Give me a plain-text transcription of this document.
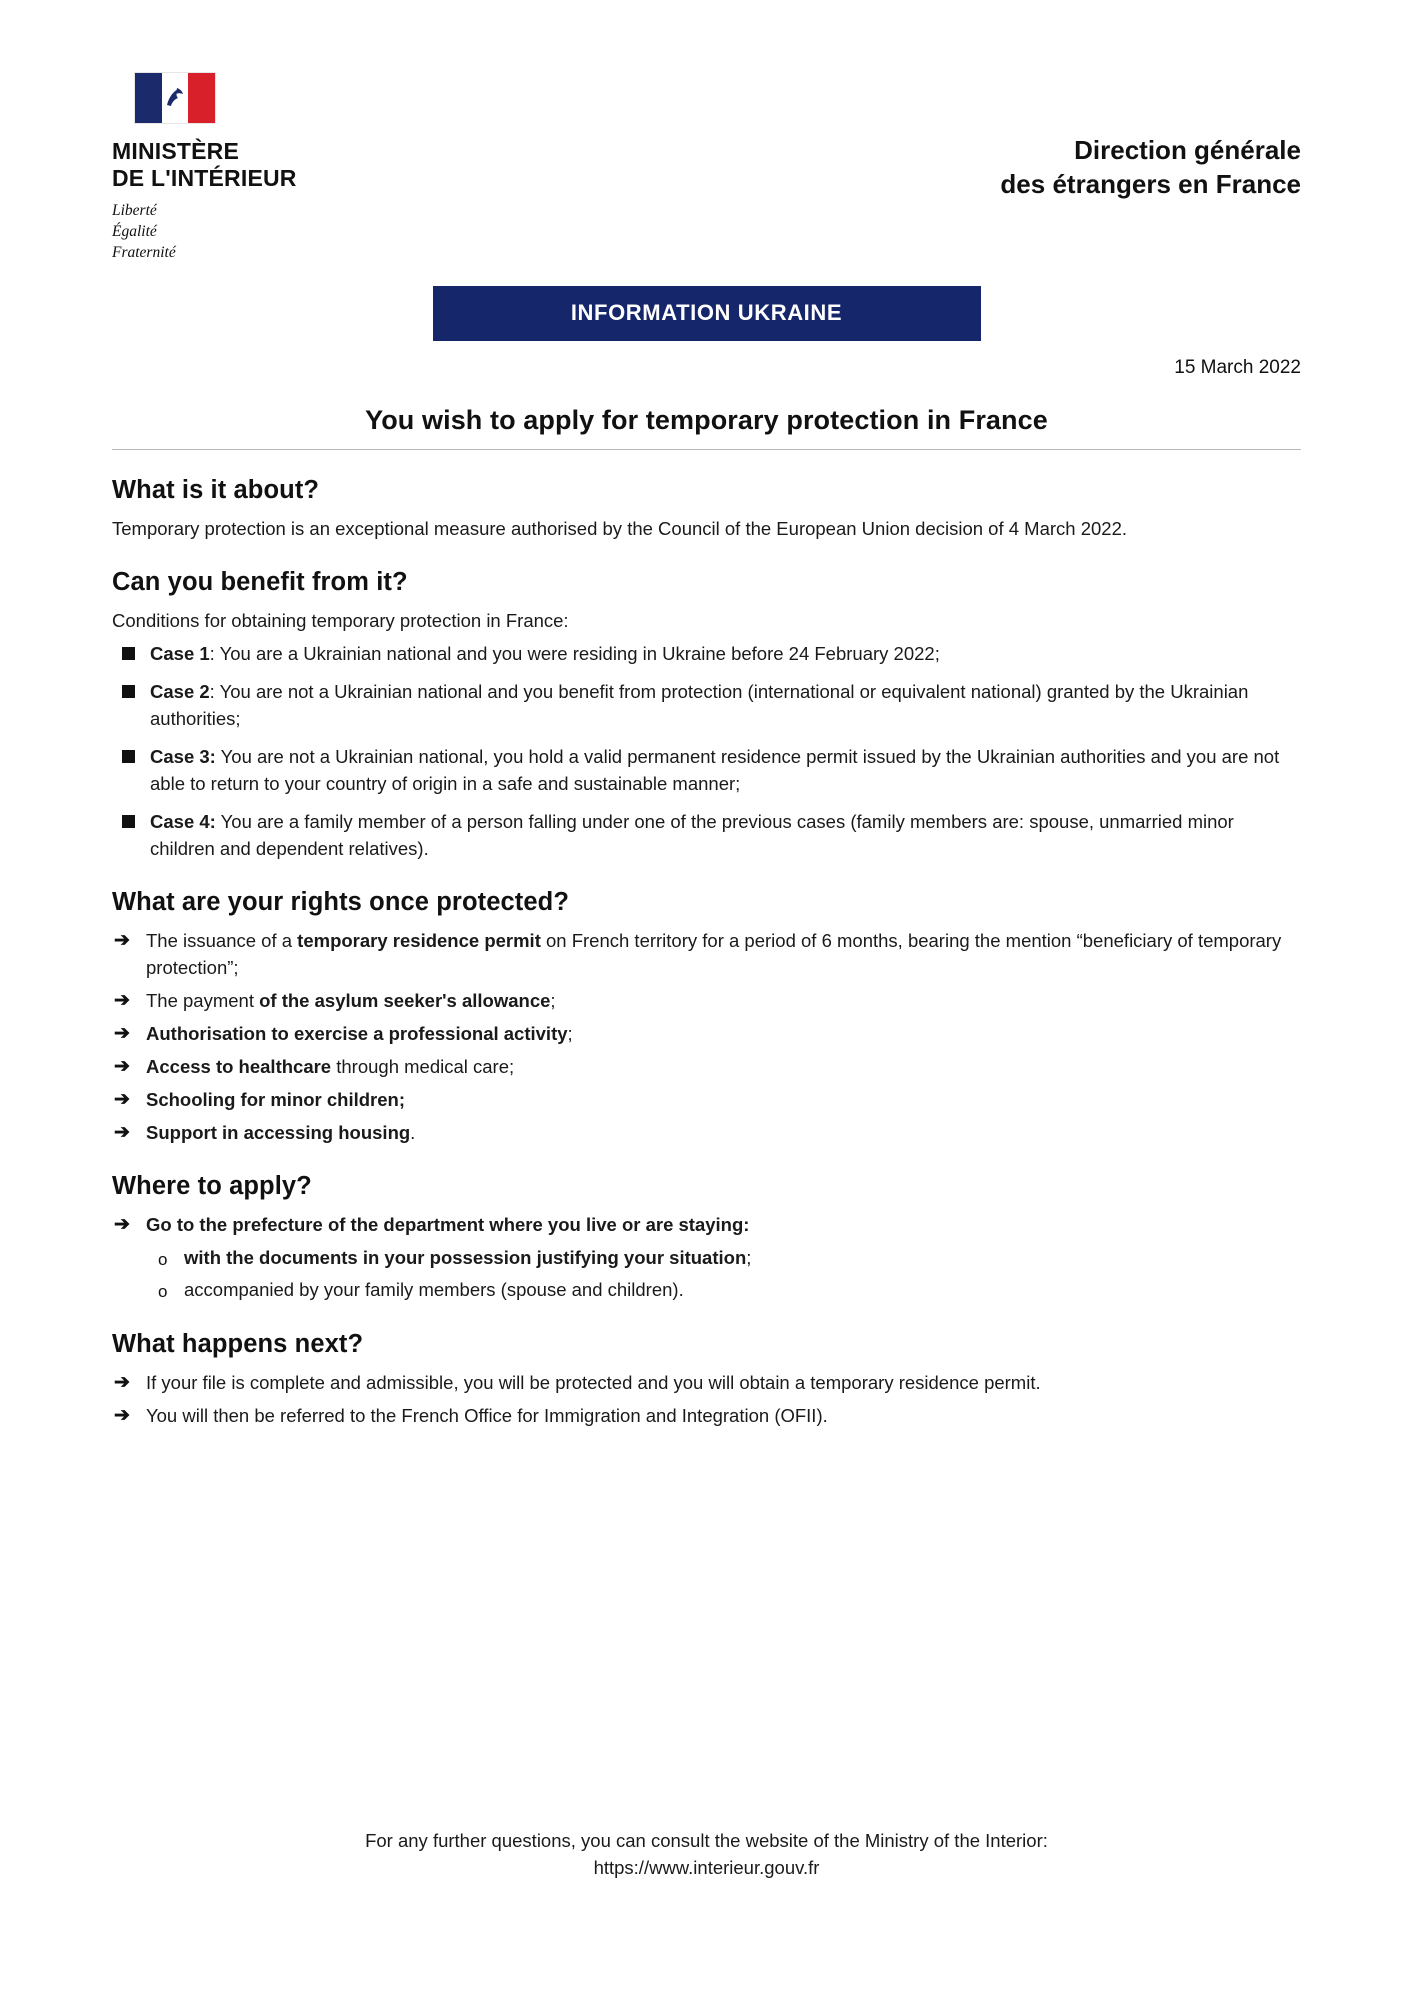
MINISTÈRE
DE L'INTÉRIEUR
Liberté
Égalité
Fraternité
Direction générale
des étrangers en France
INFORMATION UKRAINE
15 March 2022
You wish to apply for temporary protection in France
What is it about?

Temporary protection is an exceptional measure authorised by the Council of the European Union decision of 4 March 2022.

Can you benefit from it?

Conditions for obtaining temporary protection in France:

Case 1: You are a Ukrainian national and you were residing in Ukraine before 24 February 2022;
Case 2: You are not a Ukrainian national and you benefit from protection (international or equivalent national) granted by the Ukrainian authorities;
Case 3: You are not a Ukrainian national, you hold a valid permanent residence permit issued by the Ukrainian authorities and you are not able to return to your country of origin in a safe and sustainable manner;
Case 4: You are a family member of a person falling under one of the previous cases (family members are: spouse, unmarried minor children and dependent relatives).
What are your rights once protected?
➔ The issuance of a temporary residence permit on French territory for a period of 6 months, bearing the mention “beneficiary of temporary protection”;
➔ The payment of the asylum seeker's allowance;
➔ Authorisation to exercise a professional activity;
➔ Access to healthcare through medical care;
➔ Schooling for minor children;
➔ Support in accessing housing.
Where to apply?
➔ Go to the prefecture of the department where you live or are staying:
o with the documents in your possession justifying your situation;
o accompanied by your family members (spouse and children).
What happens next?
➔ If your file is complete and admissible, you will be protected and you will obtain a temporary residence permit.
➔ You will then be referred to the French Office for Immigration and Integration (OFII).
For any further questions, you can consult the website of the Ministry of the Interior:
https://www.interieur.gouv.fr
